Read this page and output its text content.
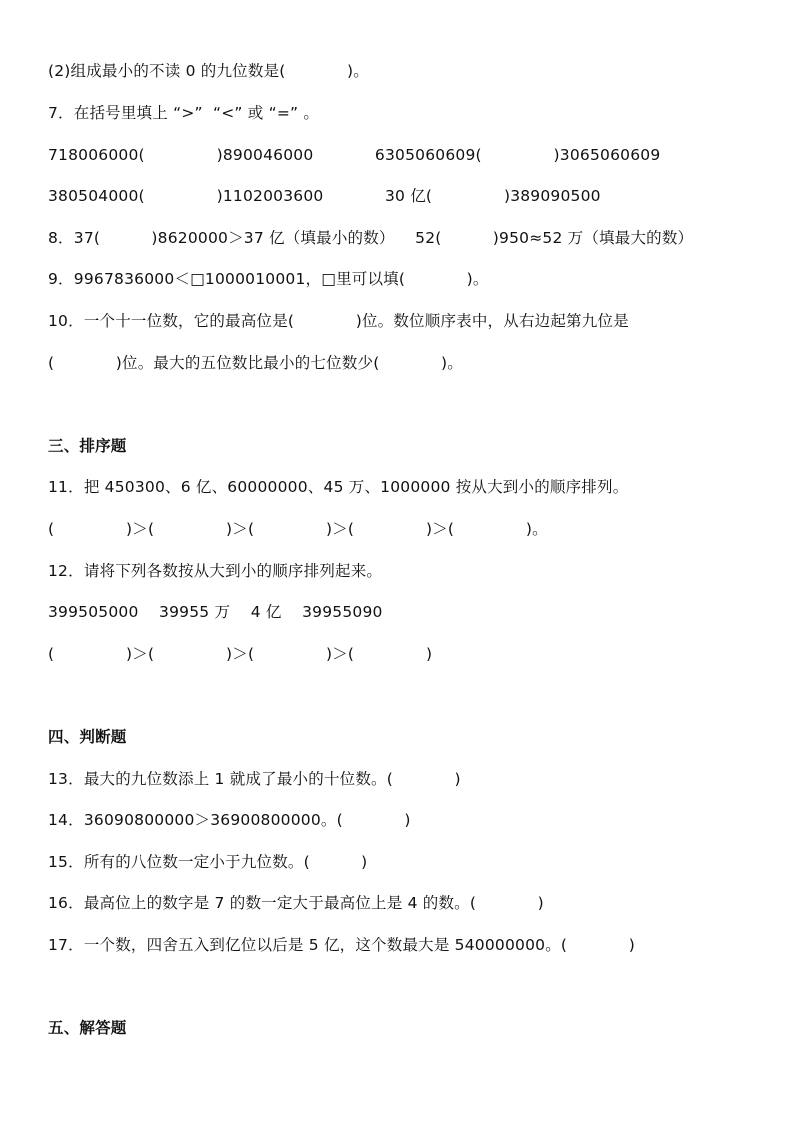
(2)组成最小的不读 0 的九位数是(            )。
7．在括号里填上 “>”  “<” 或 “=” 。
718006000(              )890046000            6305060609(              )3065060609
380504000(              )1102003600            30 亿(              )389090500
8．37(          )8620000＞37 亿（填最小的数）    52(          )950≈52 万（填最大的数）
9．9967836000＜□1000010001，□里可以填(            )。
10．一个十一位数，它的最高位是(            )位。数位顺序表中，从右边起第九位是
(            )位。最大的五位数比最小的七位数少(            )。
三、排序题
11．把 450300、6 亿、60000000、45 万、1000000 按从大到小的顺序排列。
(              )＞(              )＞(              )＞(              )＞(              )。
12．请将下列各数按从大到小的顺序排列起来。
399505000    39955 万    4 亿    39955090
(              )＞(              )＞(              )＞(              )
四、判断题
13．最大的九位数添上 1 就成了最小的十位数。(            )
14．36090800000＞36900800000。(            )
15．所有的八位数一定小于九位数。(          )
16．最高位上的数字是 7 的数一定大于最高位上是 4 的数。(            )
17．一个数，四舍五入到亿位以后是 5 亿，这个数最大是 540000000。(            )
五、解答题
